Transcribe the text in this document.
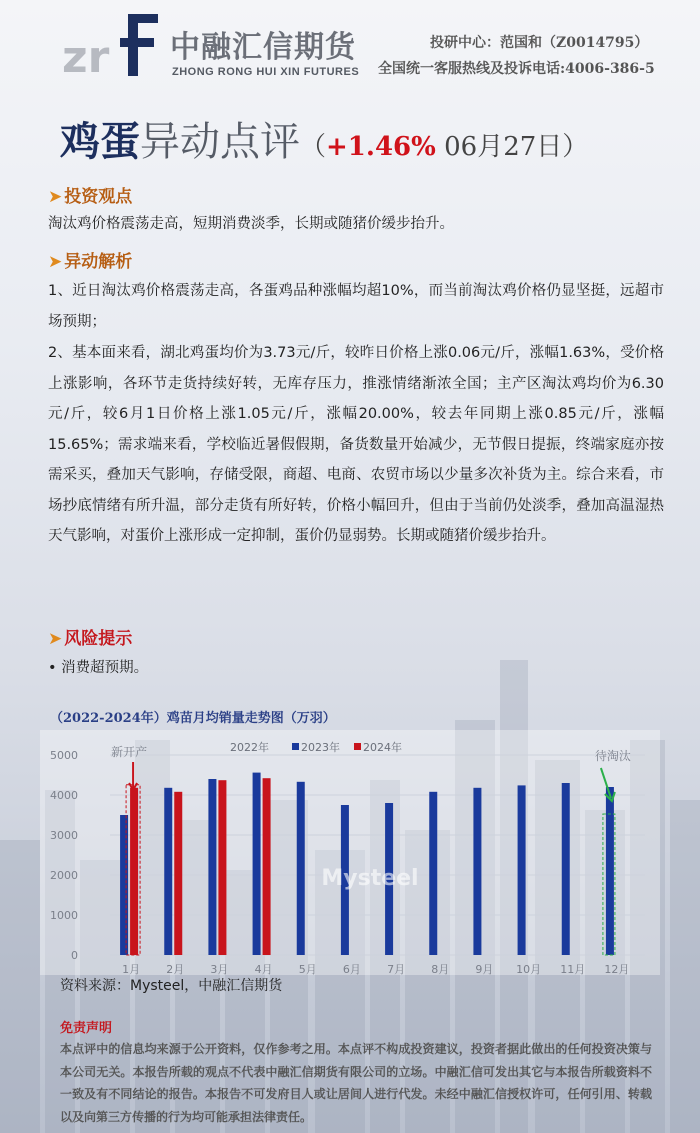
zr 中融汇信期货
ZHONG RONG HUI XIN FUTURES
投研中心：范国和（Z0014795）
全国统一客服热线及投诉电话:4006-386-5
鸡蛋异动点评（+1.46% 06月27日）
➤ 投资观点
淘汰鸡价格震荡走高，短期消费淡季，长期或随猪价缓步抬升。
➤ 异动解析
1、近日淘汰鸡价格震荡走高，各蛋鸡品种涨幅均超10%，而当前淘汰鸡价格仍显坚挺，远超市场预期；
2、基本面来看，湖北鸡蛋均价为3.73元/斤，较昨日价格上涨0.06元/斤，涨幅1.63%，受价格上涨影响，各环节走货持续好转，无库存压力，推涨情绪渐浓全国；主产区淘汰鸡均价为6.30元/斤，较6月1日价格上涨1.05元/斤，涨幅20.00%，较去年同期上涨0.85元/斤，涨幅15.65%；需求端来看，学校临近暑假假期，备货数量开始减少，无节假日提振，终端家庭亦按需采买，叠加天气影响，存储受限，商超、电商、农贸市场以少量多次补货为主。综合来看，市场抄底情绪有所升温，部分走货有所好转，价格小幅回升，但由于当前仍处淡季，叠加高温湿热天气影响，对蛋价上涨形成一定抑制，蛋价仍显弱势。长期或随猪价缓步抬升。
➤ 风险提示
• 消费超预期。
（2022-2024年）鸡苗月均销量走势图（万羽）
0
1000
2000
3000
4000
5000
1月 2月 3月 4月 5月 6月 7月 8月 9月 10月 11月 12月
2022年	2023年 2024年
新开产	待淘汰
Mysteel
资料来源：Mysteel，中融汇信期货
免责声明
本点评中的信息均来源于公开资料，仅作参考之用。本点评不构成投资建议，投资者据此做出的任何投资决策与本公司无关。本报告所载的观点不代表中融汇信期货有限公司的立场。中融汇信可发出其它与本报告所载资料不一致及有不同结论的报告。本报告不可发府目人或让居间人进行代发。未经中融汇信授权许可，任何引用、转载以及向第三方传播的行为均可能承担法律责任。
